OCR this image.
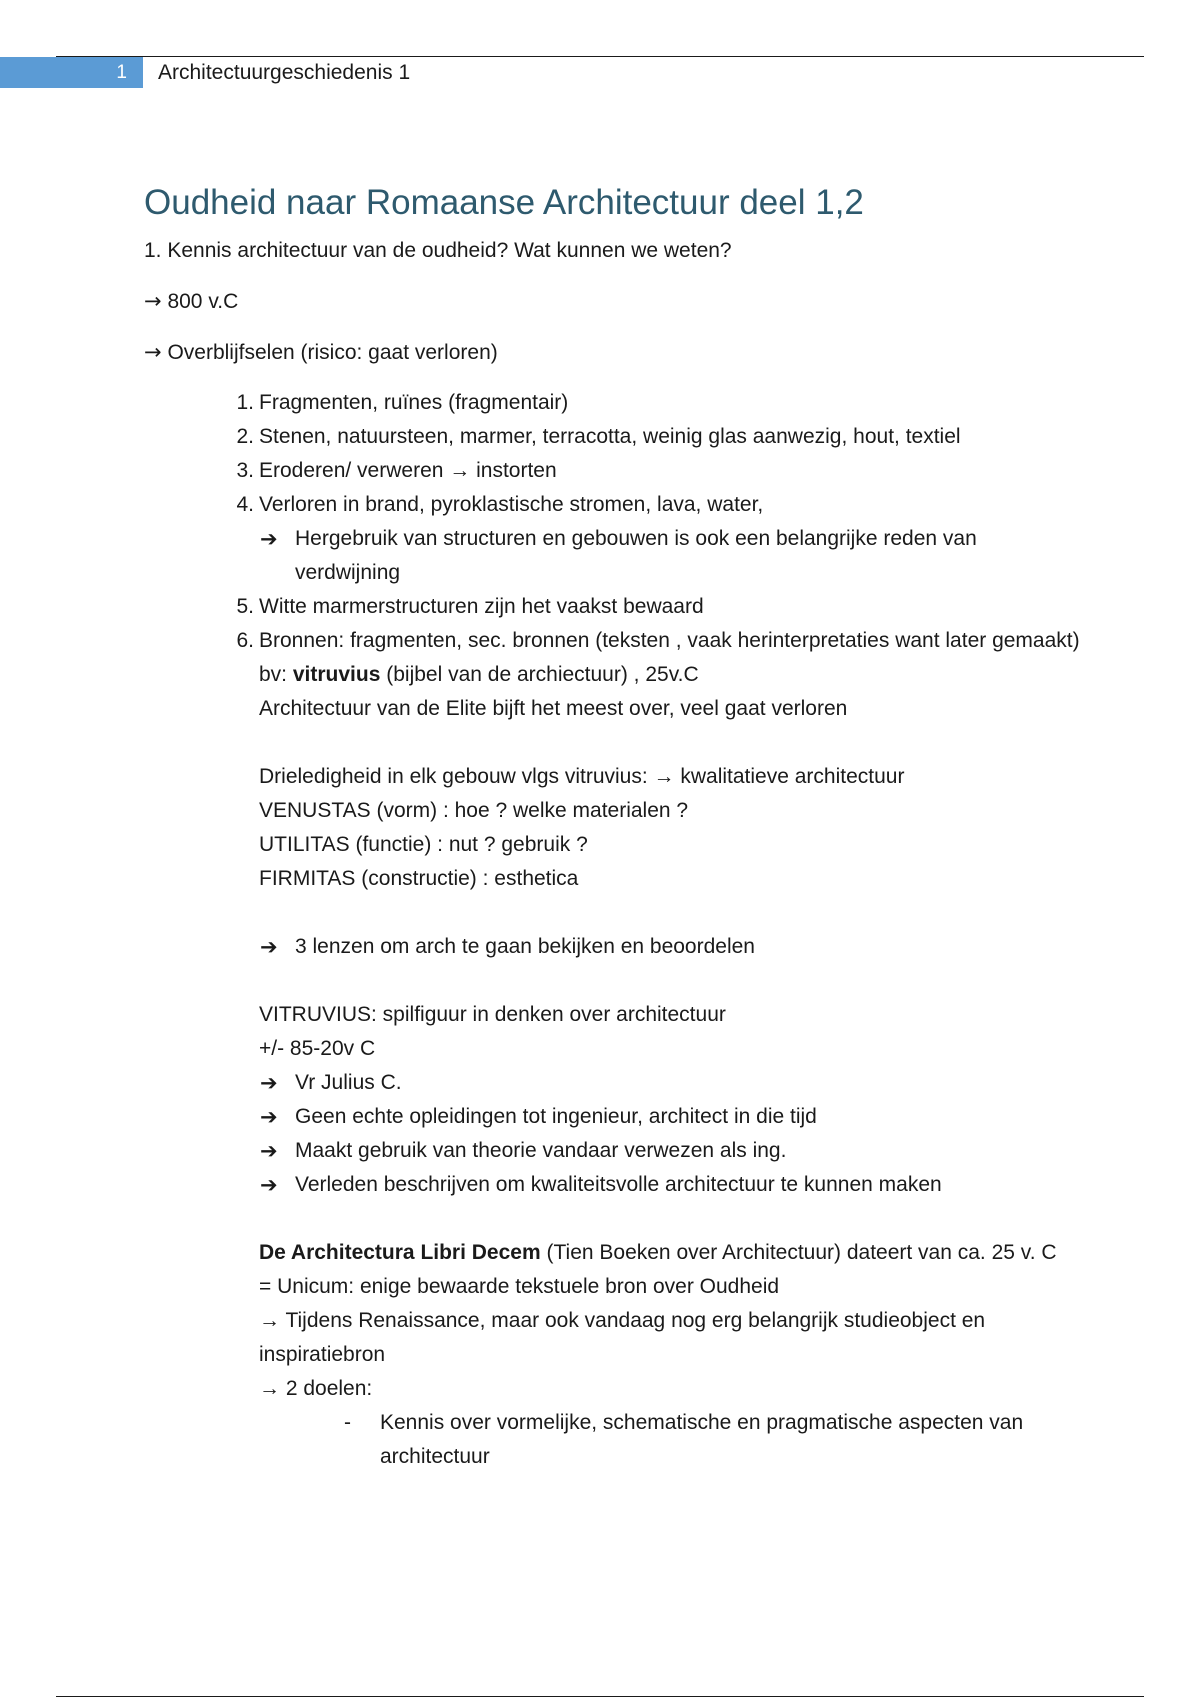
1	Architectuurgeschiedenis 1
Oudheid naar Romaanse Architectuur deel 1,2
1. Kennis architectuur van de oudheid? Wat kunnen we weten?
→ 800 v.C
→ Overblijfselen (risico: gaat verloren)
1. Fragmenten, ruïnes (fragmentair)
2. Stenen, natuursteen, marmer, terracotta, weinig glas aanwezig, hout, textiel
3. Eroderen/ verweren → instorten
4. Verloren in brand, pyroklastische stromen, lava, water,
➔ Hergebruik van structuren en gebouwen is ook een belangrijke reden van verdwijning
5. Witte marmerstructuren zijn het vaakst bewaard
6. Bronnen: fragmenten, sec. bronnen (teksten , vaak herinterpretaties want later gemaakt) bv: vitruvius (bijbel van de archiectuur) , 25v.C
Architectuur van de Elite bijft het meest over, veel gaat verloren
Drieledigheid in elk gebouw vlgs vitruvius: → kwalitatieve architectuur
VENUSTAS (vorm) : hoe ? welke materialen ?
UTILITAS (functie) : nut ? gebruik ?
FIRMITAS (constructie) : esthetica
➔ 3 lenzen om arch te gaan bekijken en beoordelen
VITRUVIUS: spilfiguur in denken over architectuur
+/- 85-20v C
➔ Vr Julius C.
➔ Geen echte opleidingen tot ingenieur, architect in die tijd
➔ Maakt gebruik van theorie vandaar verwezen als ing.
➔ Verleden beschrijven om kwaliteitsvolle architectuur te kunnen maken
De Architectura Libri Decem (Tien Boeken over Architectuur) dateert van ca. 25 v. C
= Unicum: enige bewaarde tekstuele bron over Oudheid
→ Tijdens Renaissance, maar ook vandaag nog erg belangrijk studieobject en inspiratiebron
→ 2 doelen:
- Kennis over vormelijke, schematische en pragmatische aspecten van architectuur
